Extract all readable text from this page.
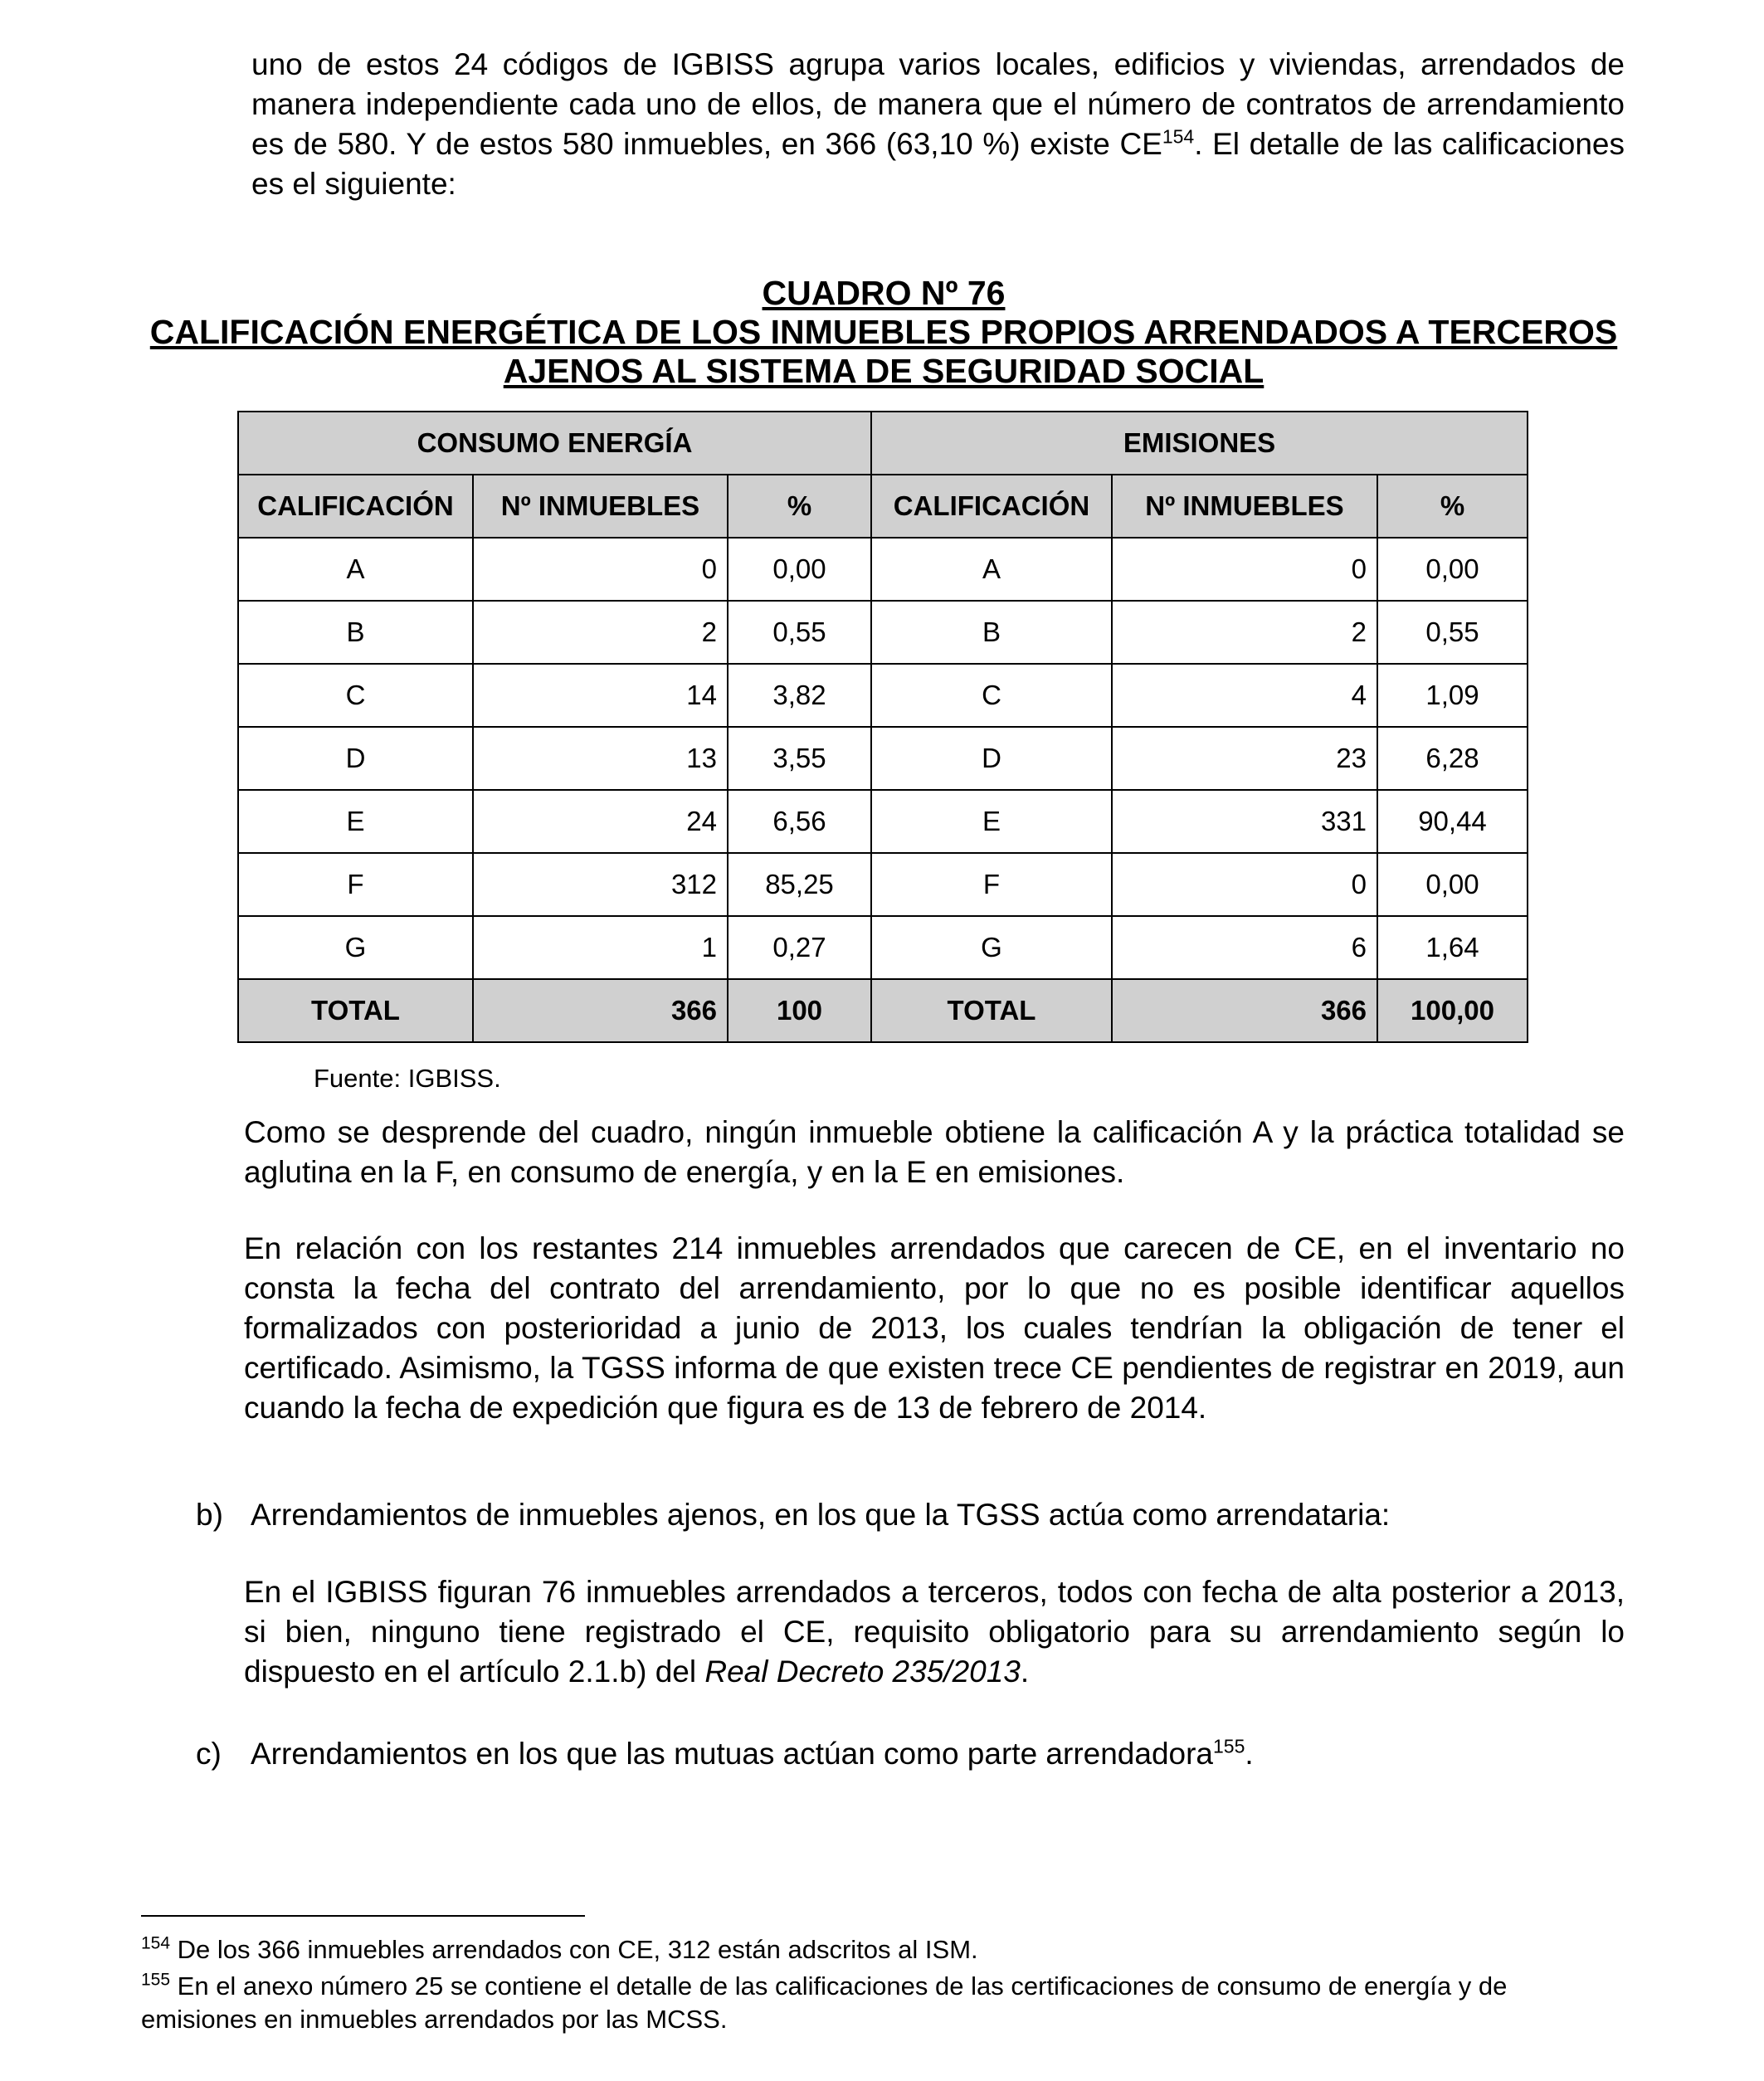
uno de estos 24 códigos de IGBISS agrupa varios locales, edificios y viviendas, arrendados de manera independiente cada uno de ellos, de manera que el número de contratos de arrendamiento es de 580. Y de estos 580 inmuebles, en 366 (63,10 %) existe CE$^{154}$. El detalle de las calificaciones es el siguiente:

CUADRO Nº 76

CALIFICACIÓN ENERGÉTICA DE LOS INMUEBLES PROPIOS ARRENDADOS A TERCEROS

AJENOS AL SISTEMA DE SEGURIDAD SOCIAL

CONSUMO ENERGÍA			EMISIONES		
CALIFICACIÓN	Nº INMUEBLES	%	CALIFICACIÓN	Nº INMUEBLES	%
A	0	0,00	A	0	0,00
B	2	0,55	B	2	0,55
C	14	3,82	C	4	1,09
D	13	3,55	D	23	6,28
E	24	6,56	E	331	90,44
F	312	85,25	F	0	0,00
G	1	0,27	G	6	1,64
TOTAL	366	100	TOTAL	366	100,00

Fuente: IGBISS.

Como se desprende del cuadro, ningún inmueble obtiene la calificación A y la práctica totalidad se aglutina en la F, en consumo de energía, y en la E en emisiones.

En relación con los restantes 214 inmuebles arrendados que carecen de CE, en el inventario no consta la fecha del contrato del arrendamiento, por lo que no es posible identificar aquellos formalizados con posterioridad a junio de 2013, los cuales tendrían la obligación de tener el certificado. Asimismo, la TGSS informa de que existen trece CE pendientes de registrar en 2019, aun cuando la fecha de expedición que figura es de 13 de febrero de 2014.

b) Arrendamientos de inmuebles ajenos, en los que la TGSS actúa como arrendataria:

En el IGBISS figuran 76 inmuebles arrendados a terceros, todos con fecha de alta posterior a 2013, si bien, ninguno tiene registrado el CE, requisito obligatorio para su arrendamiento según lo dispuesto en el artículo 2.1.b) del Real Decreto 235/2013.

c) Arrendamientos en los que las mutuas actúan como parte arrendadora$^{155}$.

$^{154}$ De los 366 inmuebles arrendados con CE, 312 están adscritos al ISM.

$^{155}$ En el anexo número 25 se contiene el detalle de las calificaciones de las certificaciones de consumo de energía y de emisiones en inmuebles arrendados por las MCSS.
